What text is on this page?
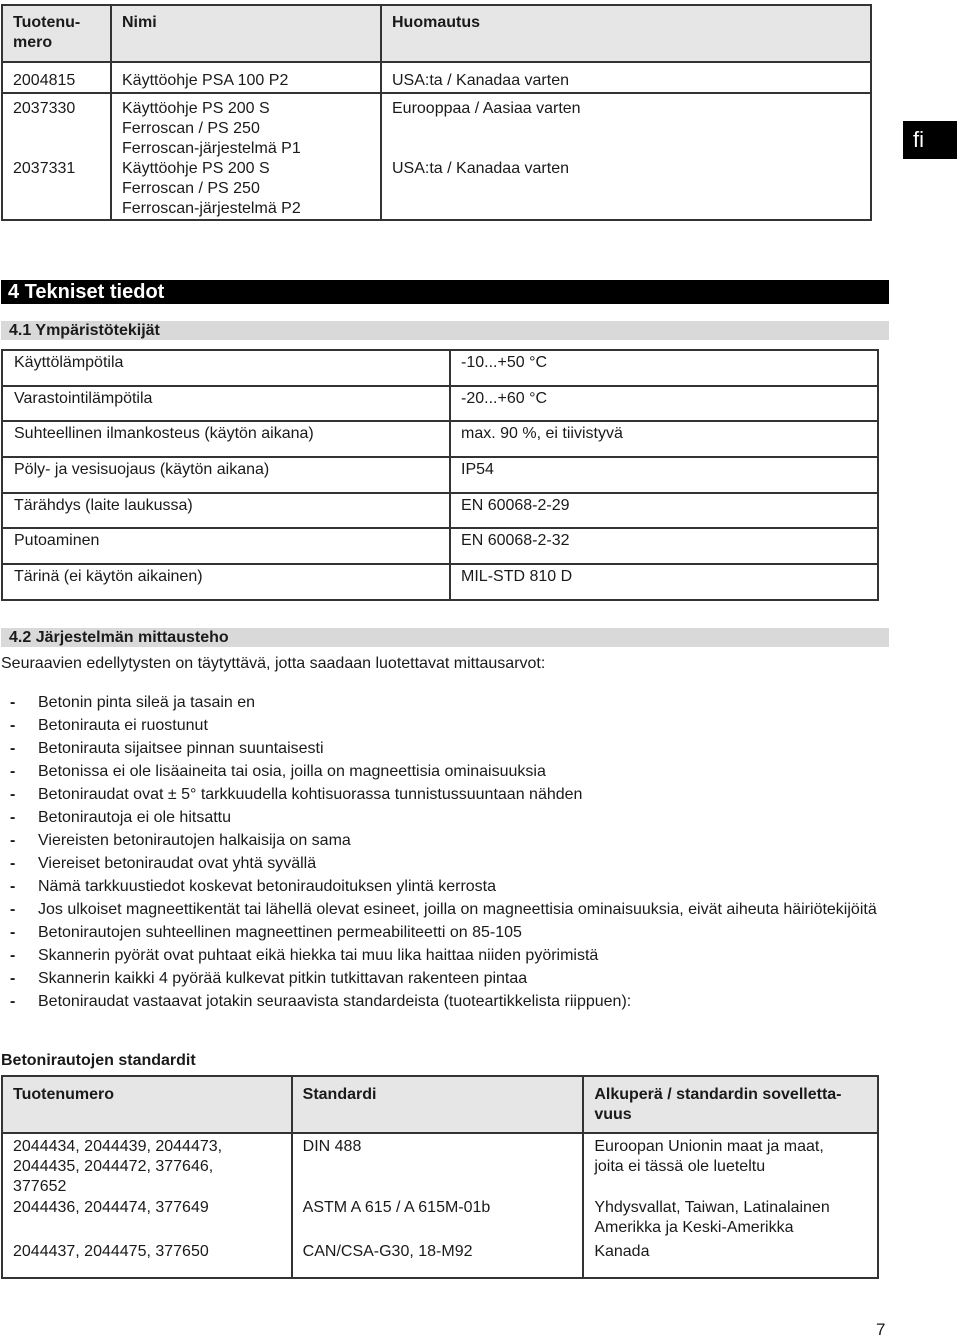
Tuotenu-
mero	Nimi	Huomautus
2004815	Käyttöohje PSA 100 P2	USA:ta / Kanadaa varten
2037330	Käyttöohje PS 200 S
Ferroscan / PS 250
Ferroscan-järjestelmä P1	Eurooppaa / Aasiaa varten
2037331	Käyttöohje PS 200 S
Ferroscan / PS 250
Ferroscan-järjestelmä P2	USA:ta / Kanadaa varten
fi
4 Tekniset tiedot
4.1 Ympäristötekijät
Käyttölämpötila	-10...+50 °C
Varastointilämpötila	-20...+60 °C
Suhteellinen ilmankosteus (käytön aikana)	max. 90 %, ei tiivistyvä
Pöly- ja vesisuojaus (käytön aikana)	IP54
Tärähdys (laite laukussa)	EN 60068-2-29
Putoaminen	EN 60068-2-32
Tärinä (ei käytön aikainen)	MIL-STD 810 D
4.2 Järjestelmän mittausteho
Seuraavien edellytysten on täytyttävä, jotta saadaan luotettavat mittausarvot:
- Betonin pinta sileä ja tasain en
- Betonirauta ei ruostunut
- Betonirauta sijaitsee pinnan suuntaisesti
- Betonissa ei ole lisäaineita tai osia, joilla on magneettisia ominaisuuksia
- Betoniraudat ovat ± 5° tarkkuudella kohtisuorassa tunnistussuuntaan nähden
- Betonirautoja ei ole hitsattu
- Viereisten betonirautojen halkaisija on sama
- Viereiset betoniraudat ovat yhtä syvällä
- Nämä tarkkuustiedot koskevat betoniraudoituksen ylintä kerrosta
- Jos ulkoiset magneettikentät tai lähellä olevat esineet, joilla on magneettisia ominaisuuksia, eivät aiheuta häiriötekijöitä
- Betonirautojen suhteellinen magneettinen permeabiliteetti on 85-105
- Skannerin pyörät ovat puhtaat eikä hiekka tai muu lika haittaa niiden pyörimistä
- Skannerin kaikki 4 pyörää kulkevat pitkin tutkittavan rakenteen pintaa
- Betoniraudat vastaavat jotakin seuraavista standardeista (tuoteartikkelista riippuen):
Betonirautojen standardit
Tuotenumero	Standardi	Alkuperä / standardin sovelletta-
vuus
2044434, 2044439, 2044473,
2044435, 2044472, 377646,
377652	DIN 488	Euroopan Unionin maat ja maat,
joita ei tässä ole lueteltu
2044436, 2044474, 377649	ASTM A 615 / A 615M-01b	Yhdysvallat, Taiwan, Latinalainen
Amerikka ja Keski-Amerikka
2044437, 2044475, 377650	CAN/CSA-G30, 18-M92	Kanada
7
